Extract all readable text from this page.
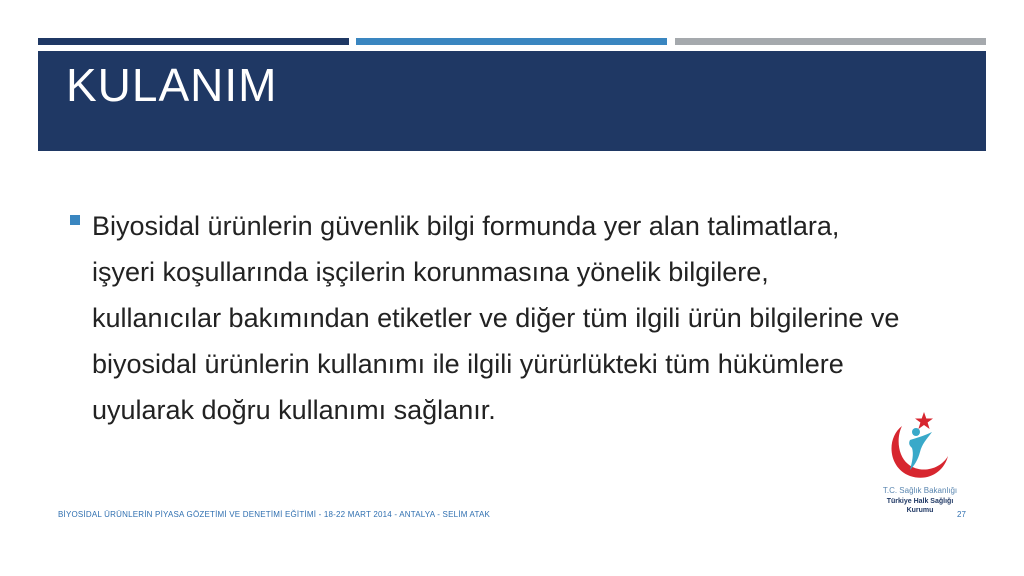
KULANIM

Biyosidal ürünlerin güvenlik bilgi formunda yer alan talimatlara, işyeri koşullarında işçilerin korunmasına yönelik bilgilere, kullanıcılar bakımından etiketler ve diğer tüm ilgili ürün bilgilerine ve biyosidal ürünlerin kullanımı ile ilgili yürürlükteki tüm hükümlere uyularak doğru kullanımı sağlanır.

T.C. Sağlık Bakanlığı
Türkiye Halk Sağlığı
Kurumu
BİYOSİDAL ÜRÜNLERİN PİYASA GÖZETİMİ VE DENETİMİ EĞİTİMİ - 18-22 MART 2014 - ANTALYA - SELİM ATAK	27
